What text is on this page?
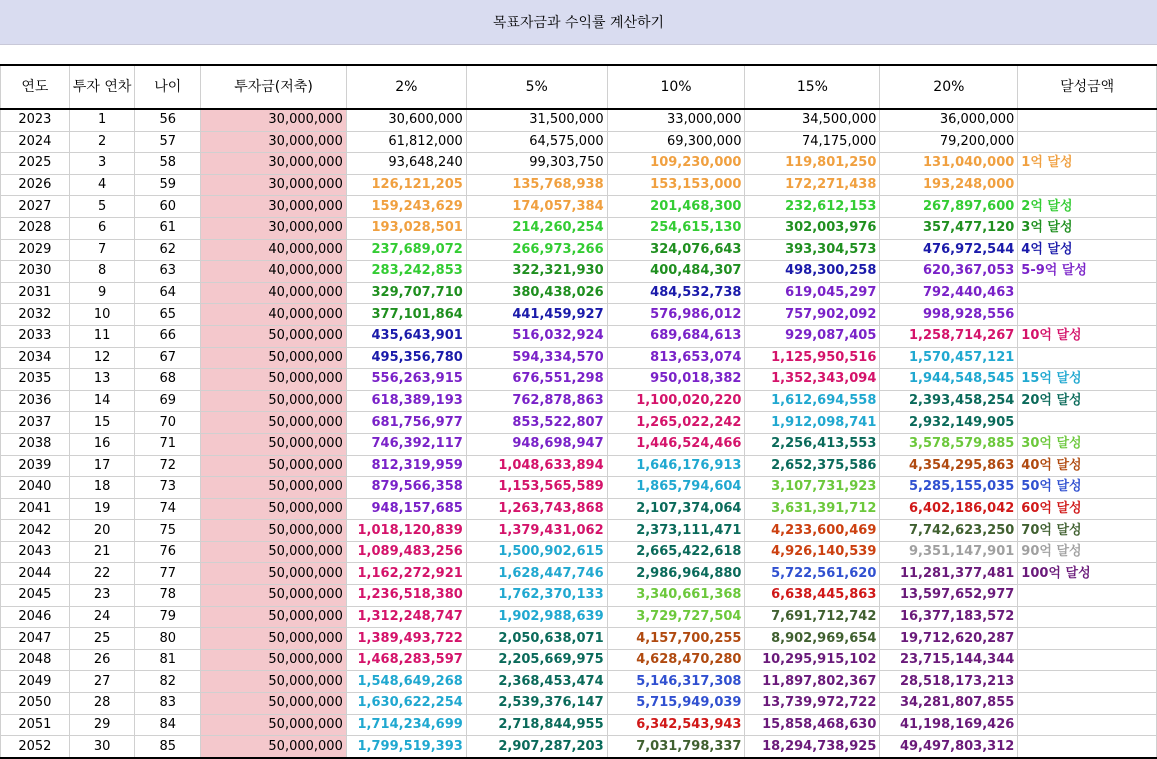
목표자금과 수익률 계산하기
연도	투자 연차	나이	투자금(저축)	2%	5%	10%	15%	20%	달성금액
2023	1	56	30,000,000	30,600,000	31,500,000	33,000,000	34,500,000	36,000,000	
2024	2	57	30,000,000	61,812,000	64,575,000	69,300,000	74,175,000	79,200,000	
2025	3	58	30,000,000	93,648,240	99,303,750	109,230,000	119,801,250	131,040,000	1억 달성
2026	4	59	30,000,000	126,121,205	135,768,938	153,153,000	172,271,438	193,248,000	
2027	5	60	30,000,000	159,243,629	174,057,384	201,468,300	232,612,153	267,897,600	2억 달성
2028	6	61	30,000,000	193,028,501	214,260,254	254,615,130	302,003,976	357,477,120	3억 달성
2029	7	62	40,000,000	237,689,072	266,973,266	324,076,643	393,304,573	476,972,544	4억 달성
2030	8	63	40,000,000	283,242,853	322,321,930	400,484,307	498,300,258	620,367,053	5-9억 달성
2031	9	64	40,000,000	329,707,710	380,438,026	484,532,738	619,045,297	792,440,463	
2032	10	65	40,000,000	377,101,864	441,459,927	576,986,012	757,902,092	998,928,556	
2033	11	66	50,000,000	435,643,901	516,032,924	689,684,613	929,087,405	1,258,714,267	10억 달성
2034	12	67	50,000,000	495,356,780	594,334,570	813,653,074	1,125,950,516	1,570,457,121	
2035	13	68	50,000,000	556,263,915	676,551,298	950,018,382	1,352,343,094	1,944,548,545	15억 달성
2036	14	69	50,000,000	618,389,193	762,878,863	1,100,020,220	1,612,694,558	2,393,458,254	20억 달성
2037	15	70	50,000,000	681,756,977	853,522,807	1,265,022,242	1,912,098,741	2,932,149,905	
2038	16	71	50,000,000	746,392,117	948,698,947	1,446,524,466	2,256,413,553	3,578,579,885	30억 달성
2039	17	72	50,000,000	812,319,959	1,048,633,894	1,646,176,913	2,652,375,586	4,354,295,863	40억 달성
2040	18	73	50,000,000	879,566,358	1,153,565,589	1,865,794,604	3,107,731,923	5,285,155,035	50억 달성
2041	19	74	50,000,000	948,157,685	1,263,743,868	2,107,374,064	3,631,391,712	6,402,186,042	60억 달성
2042	20	75	50,000,000	1,018,120,839	1,379,431,062	2,373,111,471	4,233,600,469	7,742,623,250	70억 달성
2043	21	76	50,000,000	1,089,483,256	1,500,902,615	2,665,422,618	4,926,140,539	9,351,147,901	90억 달성
2044	22	77	50,000,000	1,162,272,921	1,628,447,746	2,986,964,880	5,722,561,620	11,281,377,481	100억 달성
2045	23	78	50,000,000	1,236,518,380	1,762,370,133	3,340,661,368	6,638,445,863	13,597,652,977	
2046	24	79	50,000,000	1,312,248,747	1,902,988,639	3,729,727,504	7,691,712,742	16,377,183,572	
2047	25	80	50,000,000	1,389,493,722	2,050,638,071	4,157,700,255	8,902,969,654	19,712,620,287	
2048	26	81	50,000,000	1,468,283,597	2,205,669,975	4,628,470,280	10,295,915,102	23,715,144,344	
2049	27	82	50,000,000	1,548,649,268	2,368,453,474	5,146,317,308	11,897,802,367	28,518,173,213	
2050	28	83	50,000,000	1,630,622,254	2,539,376,147	5,715,949,039	13,739,972,722	34,281,807,855	
2051	29	84	50,000,000	1,714,234,699	2,718,844,955	6,342,543,943	15,858,468,630	41,198,169,426	
2052	30	85	50,000,000	1,799,519,393	2,907,287,203	7,031,798,337	18,294,738,925	49,497,803,312	
